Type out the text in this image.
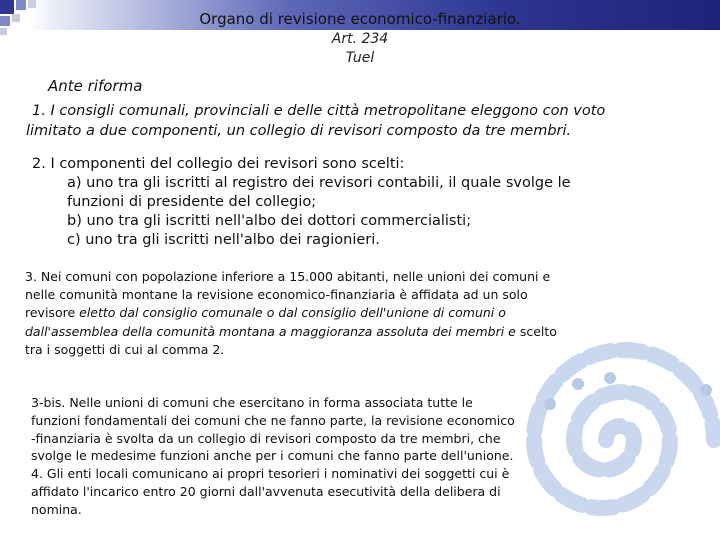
Organo di revisione economico-finanziario.
Art. 234
Tuel
Ante riforma
1. I consigli comunali, provinciali e delle città metropolitane eleggono con voto
limitato a due componenti, un collegio di revisori composto da tre membri.
2. I componenti del collegio dei revisori sono scelti:
a) uno tra gli iscritti al registro dei revisori contabili, il quale svolge le
funzioni di presidente del collegio;
b) uno tra gli iscritti nell'albo dei dottori commercialisti;
c) uno tra gli iscritti nell'albo dei ragionieri.
3. Nei comuni con popolazione inferiore a 15.000 abitanti, nelle unioni dei comuni e
nelle comunità montane la revisione economico-finanziaria è affidata ad un solo
revisore eletto dal consiglio comunale o dal consiglio dell'unione di comuni o
dall'assemblea della comunità montana a maggioranza assoluta dei membri e scelto
tra i soggetti di cui al comma 2.
3-bis. Nelle unioni di comuni che esercitano in forma associata tutte le
funzioni fondamentali dei comuni che ne fanno parte, la revisione economico
-finanziaria è svolta da un collegio di revisori composto da tre membri, che
svolge le medesime funzioni anche per i comuni che fanno parte dell'unione.
4. Gli enti locali comunicano ai propri tesorieri i nominativi dei soggetti cui è
affidato l'incarico entro 20 giorni dall'avvenuta esecutività della delibera di
nomina.
